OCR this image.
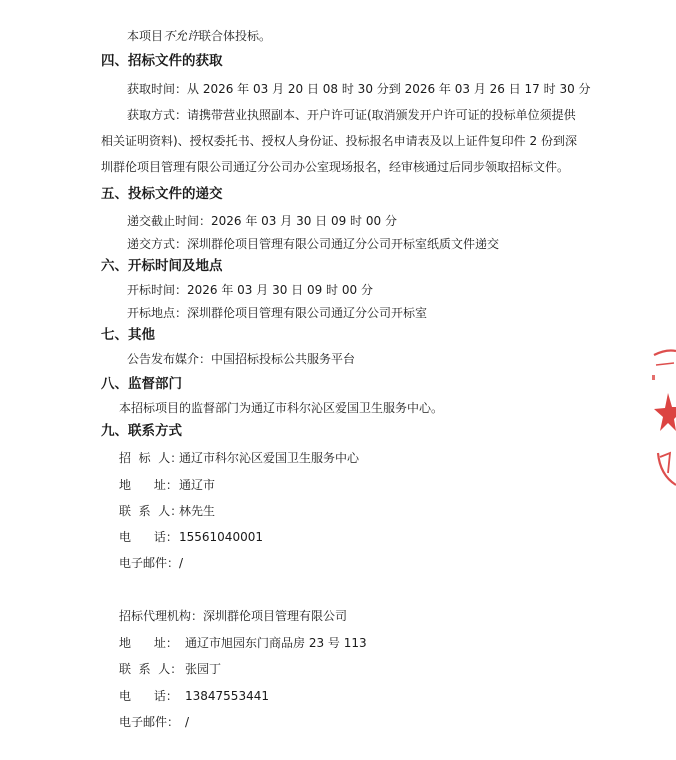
本项目不允许联合体投标。
四、招标文件的获取
获取时间：从 2026 年 03 月 20 日 08 时 30 分到 2026 年 03 月 26 日 17 时 30 分
获取方式：请携带营业执照副本、开户许可证(取消颁发开户许可证的投标单位须提供
相关证明资料)、授权委托书、授权人身份证、投标报名申请表及以上证件复印件 2 份到深
圳群伦项目管理有限公司通辽分公司办公室现场报名，经审核通过后同步领取招标文件。
五、投标文件的递交
递交截止时间：2026 年 03 月 30 日 09 时 00 分
递交方式：深圳群伦项目管理有限公司通辽分公司开标室纸质文件递交
六、开标时间及地点
开标时间：2026 年 03 月 30 日 09 时 00 分
开标地点：深圳群伦项目管理有限公司通辽分公司开标室
七、其他
公告发布媒介：中国招标投标公共服务平台
八、监督部门
本招标项目的监督部门为通辽市科尔沁区爱国卫生服务中心。
九、联系方式
招  标  人：通辽市科尔沁区爱国卫生服务中心
地      址：通辽市
联  系  人：林先生
电      话：15561040001
电子邮件：/
招标代理机构：深圳群伦项目管理有限公司
地      址： 通辽市旭园东门商品房 23 号 113
联  系  人： 张园丁
电      话： 13847553441
电子邮件： /
